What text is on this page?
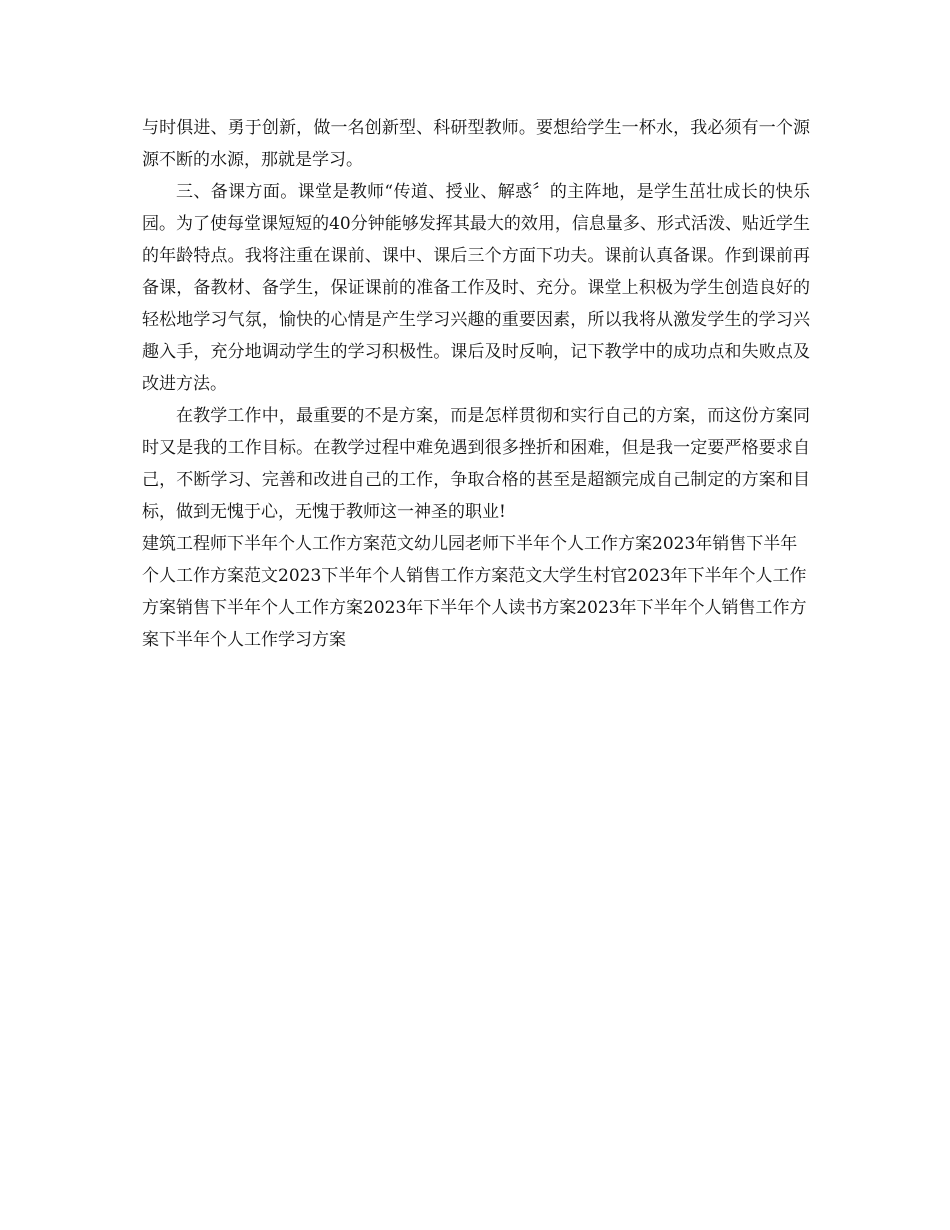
与时俱进、勇于创新，做一名创新型、科研型教师。要想给学生一杯水，我必须有一个源源不断的水源，那就是学习。

三、备课方面。课堂是教师“传道、授业、解惑〞的主阵地，是学生茁壮成长的快乐园。为了使每堂课短短的40分钟能够发挥其最大的效用，信息量多、形式活泼、贴近学生的年龄特点。我将注重在课前、课中、课后三个方面下功夫。课前认真备课。作到课前再备课，备教材、备学生，保证课前的准备工作及时、充分。课堂上积极为学生创造良好的轻松地学习气氛，愉快的心情是产生学习兴趣的重要因素，所以我将从激发学生的学习兴趣入手，充分地调动学生的学习积极性。课后及时反响，记下教学中的成功点和失败点及改进方法。

在教学工作中，最重要的不是方案，而是怎样贯彻和实行自己的方案，而这份方案同时又是我的工作目标。在教学过程中难免遇到很多挫折和困难，但是我一定要严格要求自己，不断学习、完善和改进自己的工作，争取合格的甚至是超额完成自己制定的方案和目标，做到无愧于心，无愧于教师这一神圣的职业!

建筑工程师下半年个人工作方案范文幼儿园老师下半年个人工作方案2023年销售下半年个人工作方案范文2023下半年个人销售工作方案范文大学生村官2023年下半年个人工作方案销售下半年个人工作方案2023年下半年个人读书方案2023年下半年个人销售工作方案下半年个人工作学习方案
